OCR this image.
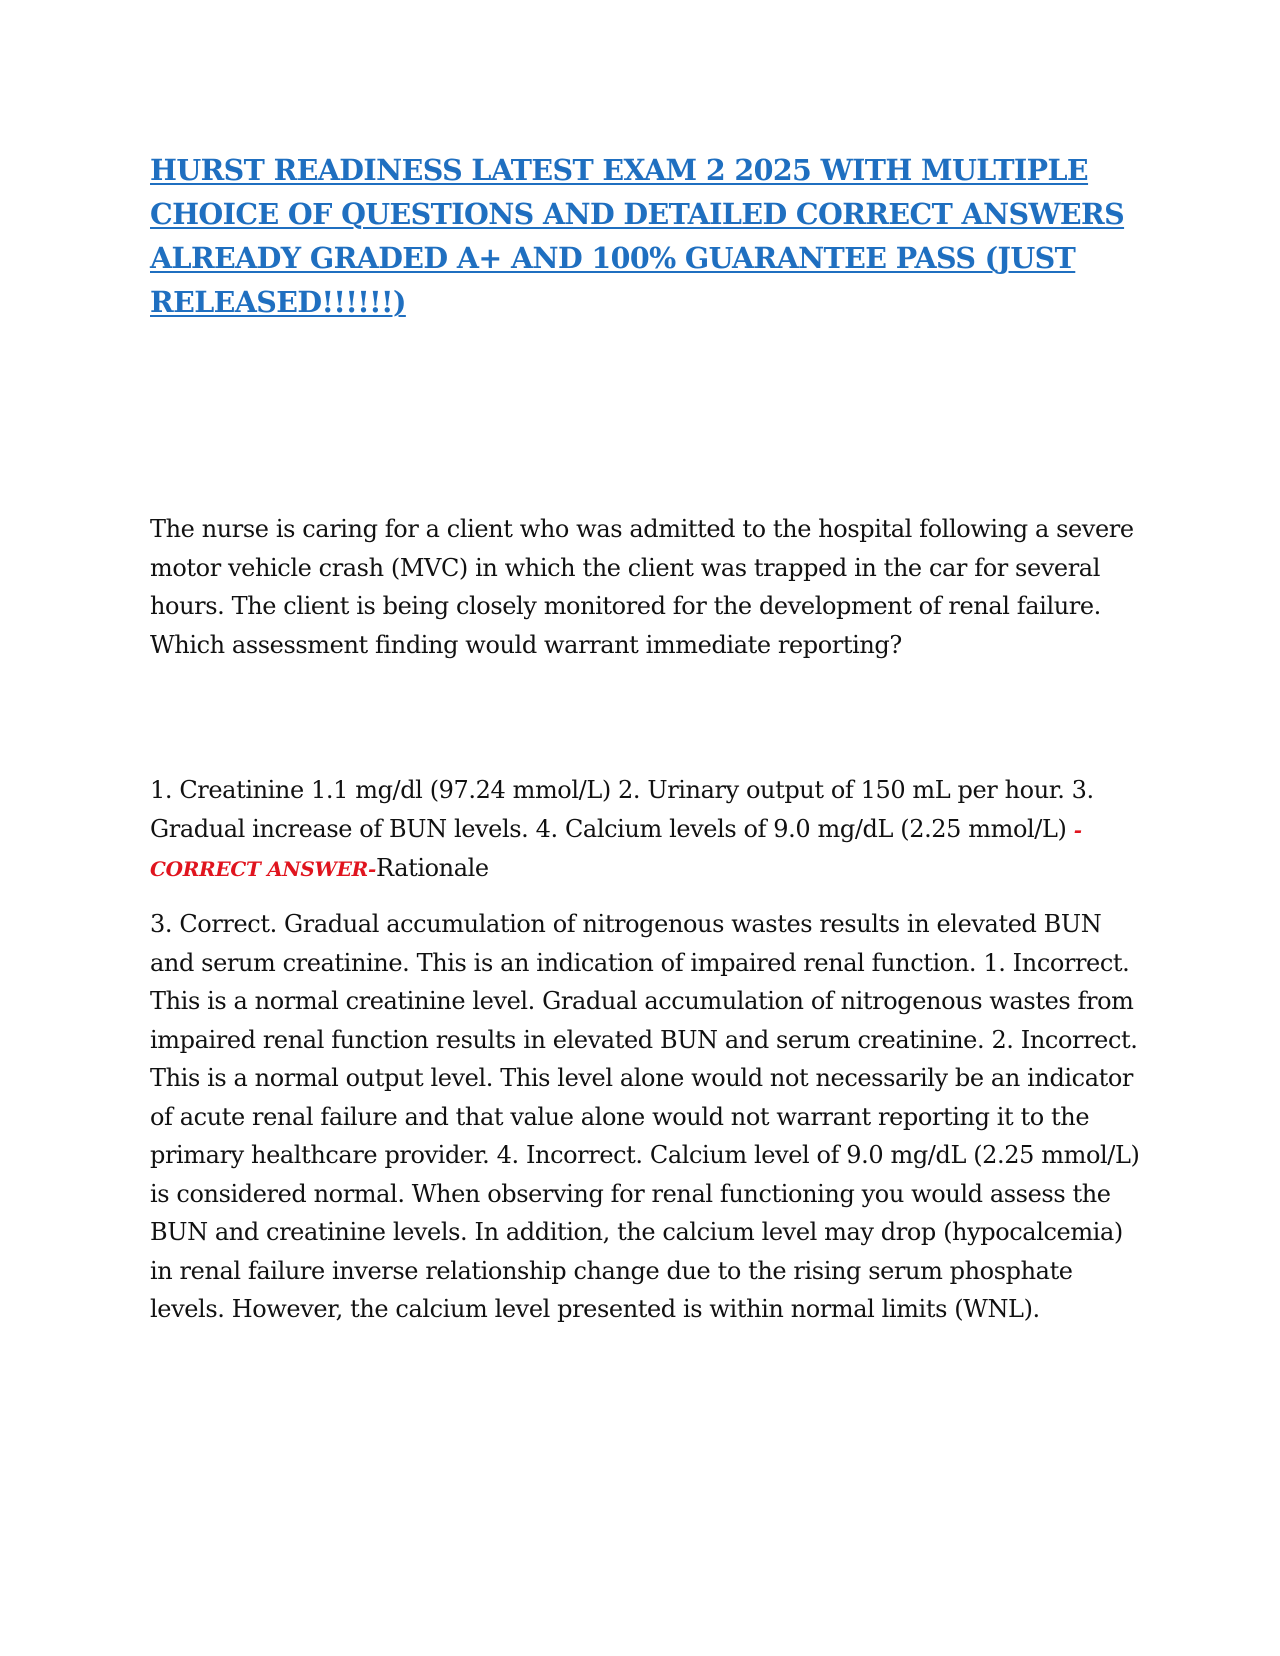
HURST READINESS LATEST EXAM 2 2025 WITH MULTIPLE CHOICE OF QUESTIONS AND DETAILED CORRECT ANSWERS ALREADY GRADED A+ AND 100% GUARANTEE PASS (JUST RELEASED!!!!!!)

The nurse is caring for a client who was admitted to the hospital following a severe motor vehicle crash (MVC) in which the client was trapped in the car for several hours. The client is being closely monitored for the development of renal failure. Which assessment finding would warrant immediate reporting?

1. Creatinine 1.1 mg/dl (97.24 mmol/L) 2. Urinary output of 150 mL per hour. 3. Gradual increase of BUN levels. 4. Calcium levels of 9.0 mg/dL (2.25 mmol/L) - CORRECT ANSWER-Rationale

3. Correct. Gradual accumulation of nitrogenous wastes results in elevated BUN and serum creatinine. This is an indication of impaired renal function. 1. Incorrect. This is a normal creatinine level. Gradual accumulation of nitrogenous wastes from impaired renal function results in elevated BUN and serum creatinine. 2. Incorrect. This is a normal output level. This level alone would not necessarily be an indicator of acute renal failure and that value alone would not warrant reporting it to the primary healthcare provider. 4. Incorrect. Calcium level of 9.0 mg/dL (2.25 mmol/L) is considered normal. When observing for renal functioning you would assess the BUN and creatinine levels. In addition, the calcium level may drop (hypocalcemia) in renal failure inverse relationship change due to the rising serum phosphate levels. However, the calcium level presented is within normal limits (WNL).
